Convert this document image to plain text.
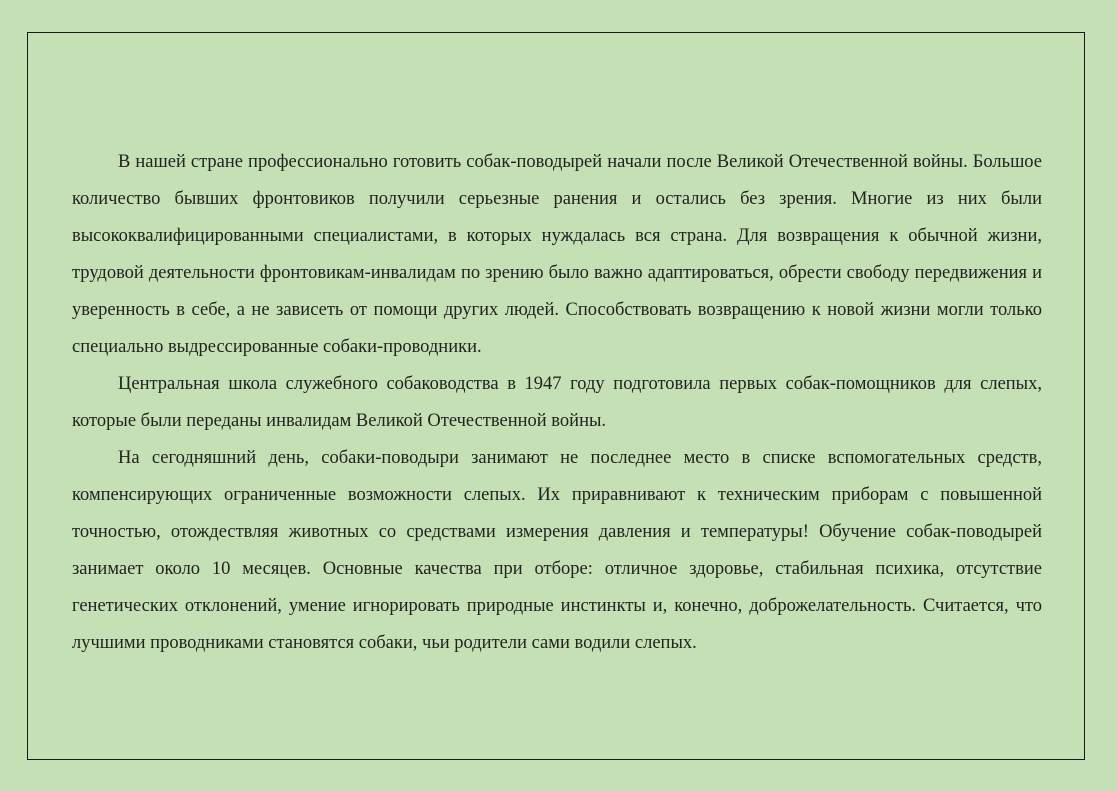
В нашей стране профессионально готовить собак-поводырей начали после Великой Отечественной войны. Большое количество бывших фронтовиков получили серьезные ранения и остались без зрения. Многие из них были высококвалифицированными специалистами, в которых нуждалась вся страна. Для возвращения к обычной жизни, трудовой деятельности фронтовикам-инвалидам по зрению было важно адаптироваться, обрести свободу передвижения и уверенность в себе, а не зависеть от помощи других людей. Способствовать возвращению к новой жизни могли только специально выдрессированные собаки-проводники.

Центральная школа служебного собаководства в 1947 году подготовила первых собак-помощников для слепых, которые были переданы инвалидам Великой Отечественной войны.

На сегодняшний день, собаки-поводыри занимают не последнее место в списке вспомогательных средств, компенсирующих ограниченные возможности слепых. Их приравнивают к техническим приборам с повышенной точностью, отождествляя животных со средствами измерения давления и температуры! Обучение собак-поводырей занимает около 10 месяцев. Основные качества при отборе: отличное здоровье, стабильная психика, отсутствие генетических отклонений, умение игнорировать природные инстинкты и, конечно, доброжелательность. Считается, что лучшими проводниками становятся собаки, чьи родители сами водили слепых.
